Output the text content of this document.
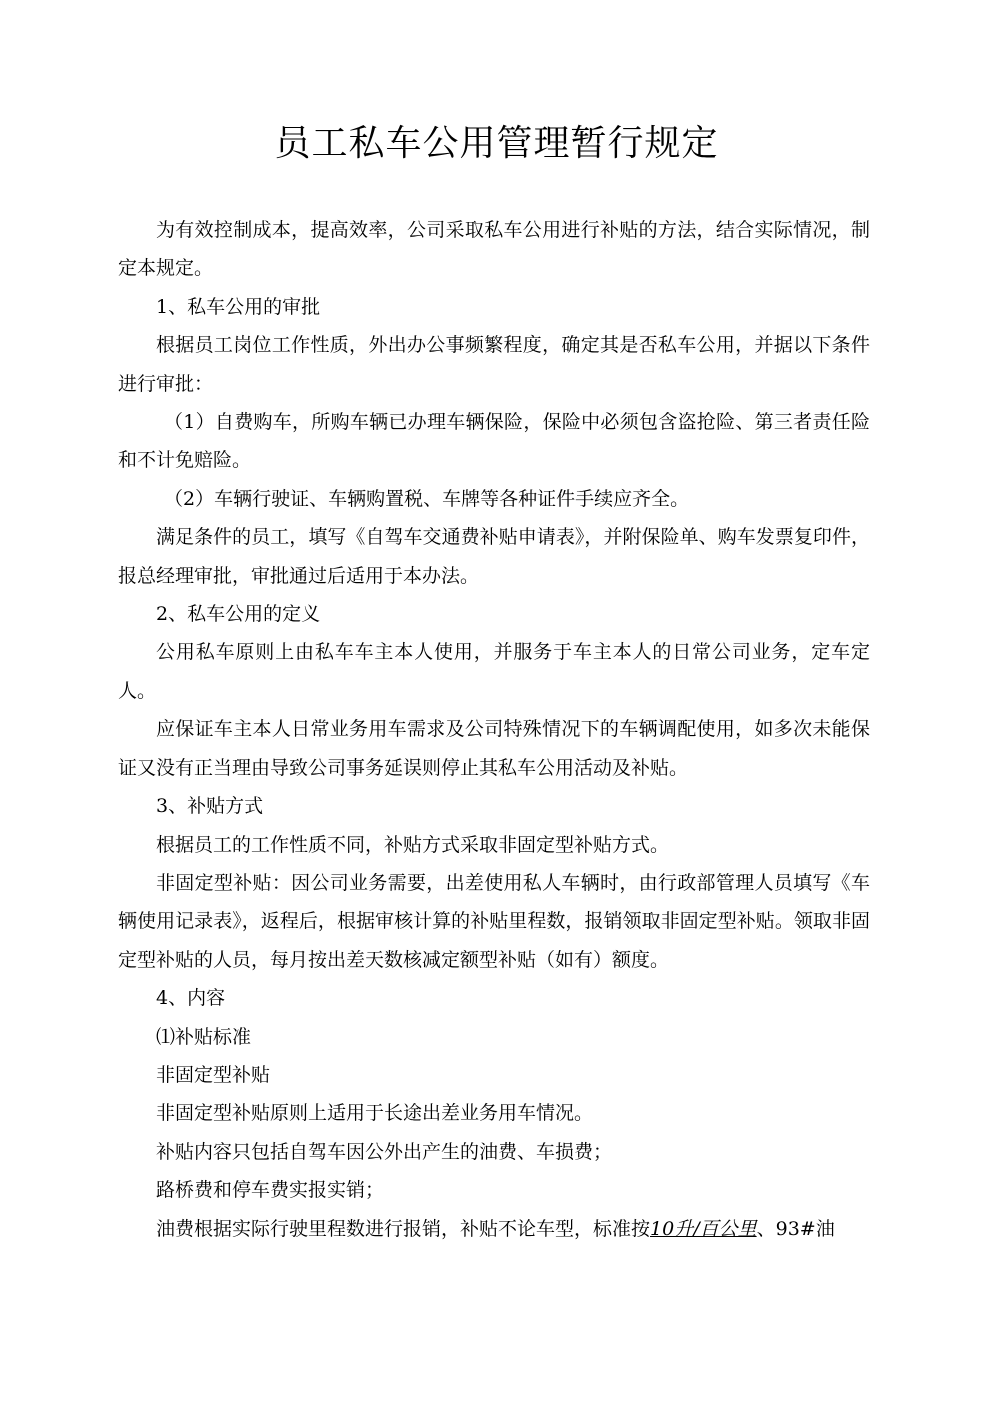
员工私车公用管理暂行规定

为有效控制成本，提高效率，公司采取私车公用进行补贴的方法，结合实际情况，制定本规定。

1、私车公用的审批

根据员工岗位工作性质，外出办公事频繁程度，确定其是否私车公用，并据以下条件进行审批：

（1）自费购车，所购车辆已办理车辆保险，保险中必须包含盗抢险、第三者责任险和不计免赔险。

（2）车辆行驶证、车辆购置税、车牌等各种证件手续应齐全。

满足条件的员工，填写《自驾车交通费补贴申请表》，并附保险单、购车发票复印件，报总经理审批，审批通过后适用于本办法。

2、私车公用的定义

公用私车原则上由私车车主本人使用，并服务于车主本人的日常公司业务，定车定人。

应保证车主本人日常业务用车需求及公司特殊情况下的车辆调配使用，如多次未能保证又没有正当理由导致公司事务延误则停止其私车公用活动及补贴。

3、补贴方式

根据员工的工作性质不同，补贴方式采取非固定型补贴方式。

非固定型补贴：因公司业务需要，出差使用私人车辆时，由行政部管理人员填写《车辆使用记录表》，返程后，根据审核计算的补贴里程数，报销领取非固定型补贴。领取非固定型补贴的人员，每月按出差天数核减定额型补贴（如有）额度。

4、内容

⑴补贴标准

非固定型补贴

非固定型补贴原则上适用于长途出差业务用车情况。

补贴内容只包括自驾车因公外出产生的油费、车损费；

路桥费和停车费实报实销；

油费根据实际行驶里程数进行报销，补贴不论车型，标准按10升/百公里、93#油
